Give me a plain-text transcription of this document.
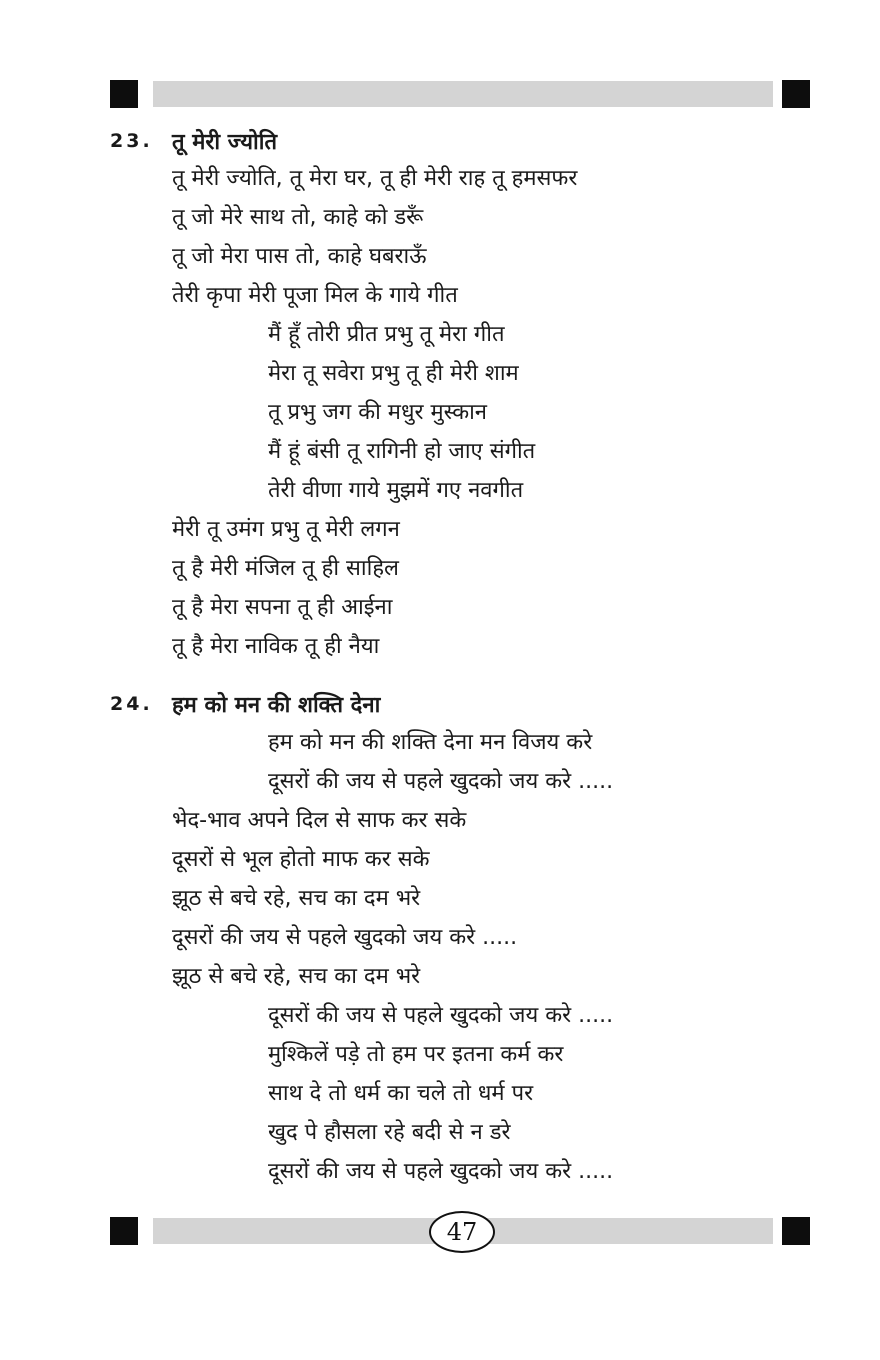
23. तू मेरी ज्योति
तू मेरी ज्योति, तू मेरा घर, तू ही मेरी राह तू हमसफर
तू जो मेरे साथ तो, काहे को डरूँ
तू जो मेरा पास तो, काहे घबराऊँ
तेरी कृपा मेरी पूजा मिल के गाये गीत
मैं हूँ तोरी प्रीत प्रभु तू मेरा गीत
मेरा तू सवेरा प्रभु तू ही मेरी शाम
तू प्रभु जग की मधुर मुस्कान
मैं हूं बंसी तू रागिनी हो जाए संगीत
तेरी वीणा गाये मुझमें गए नवगीत
मेरी तू उमंग प्रभु तू मेरी लगन
तू है मेरी मंजिल तू ही साहिल
तू है मेरा सपना तू ही आईना
तू है मेरा नाविक तू ही नैया
24. हम को मन की शक्ति देना
हम को मन की शक्ति देना मन विजय करे
दूसरों की जय से पहले खुदको जय करे .....
भेद-भाव अपने दिल से साफ कर सके
दूसरों से भूल होतो माफ कर सके
झूठ से बचे रहे, सच का दम भरे
दूसरों की जय से पहले खुदको जय करे .....
झूठ से बचे रहे, सच का दम भरे
दूसरों की जय से पहले खुदको जय करे .....
मुश्किलें पड़े तो हम पर इतना कर्म कर
साथ दे तो धर्म का चले तो धर्म पर
खुद पे हौसला रहे बदी से न डरे
दूसरों की जय से पहले खुदको जय करे .....
47
